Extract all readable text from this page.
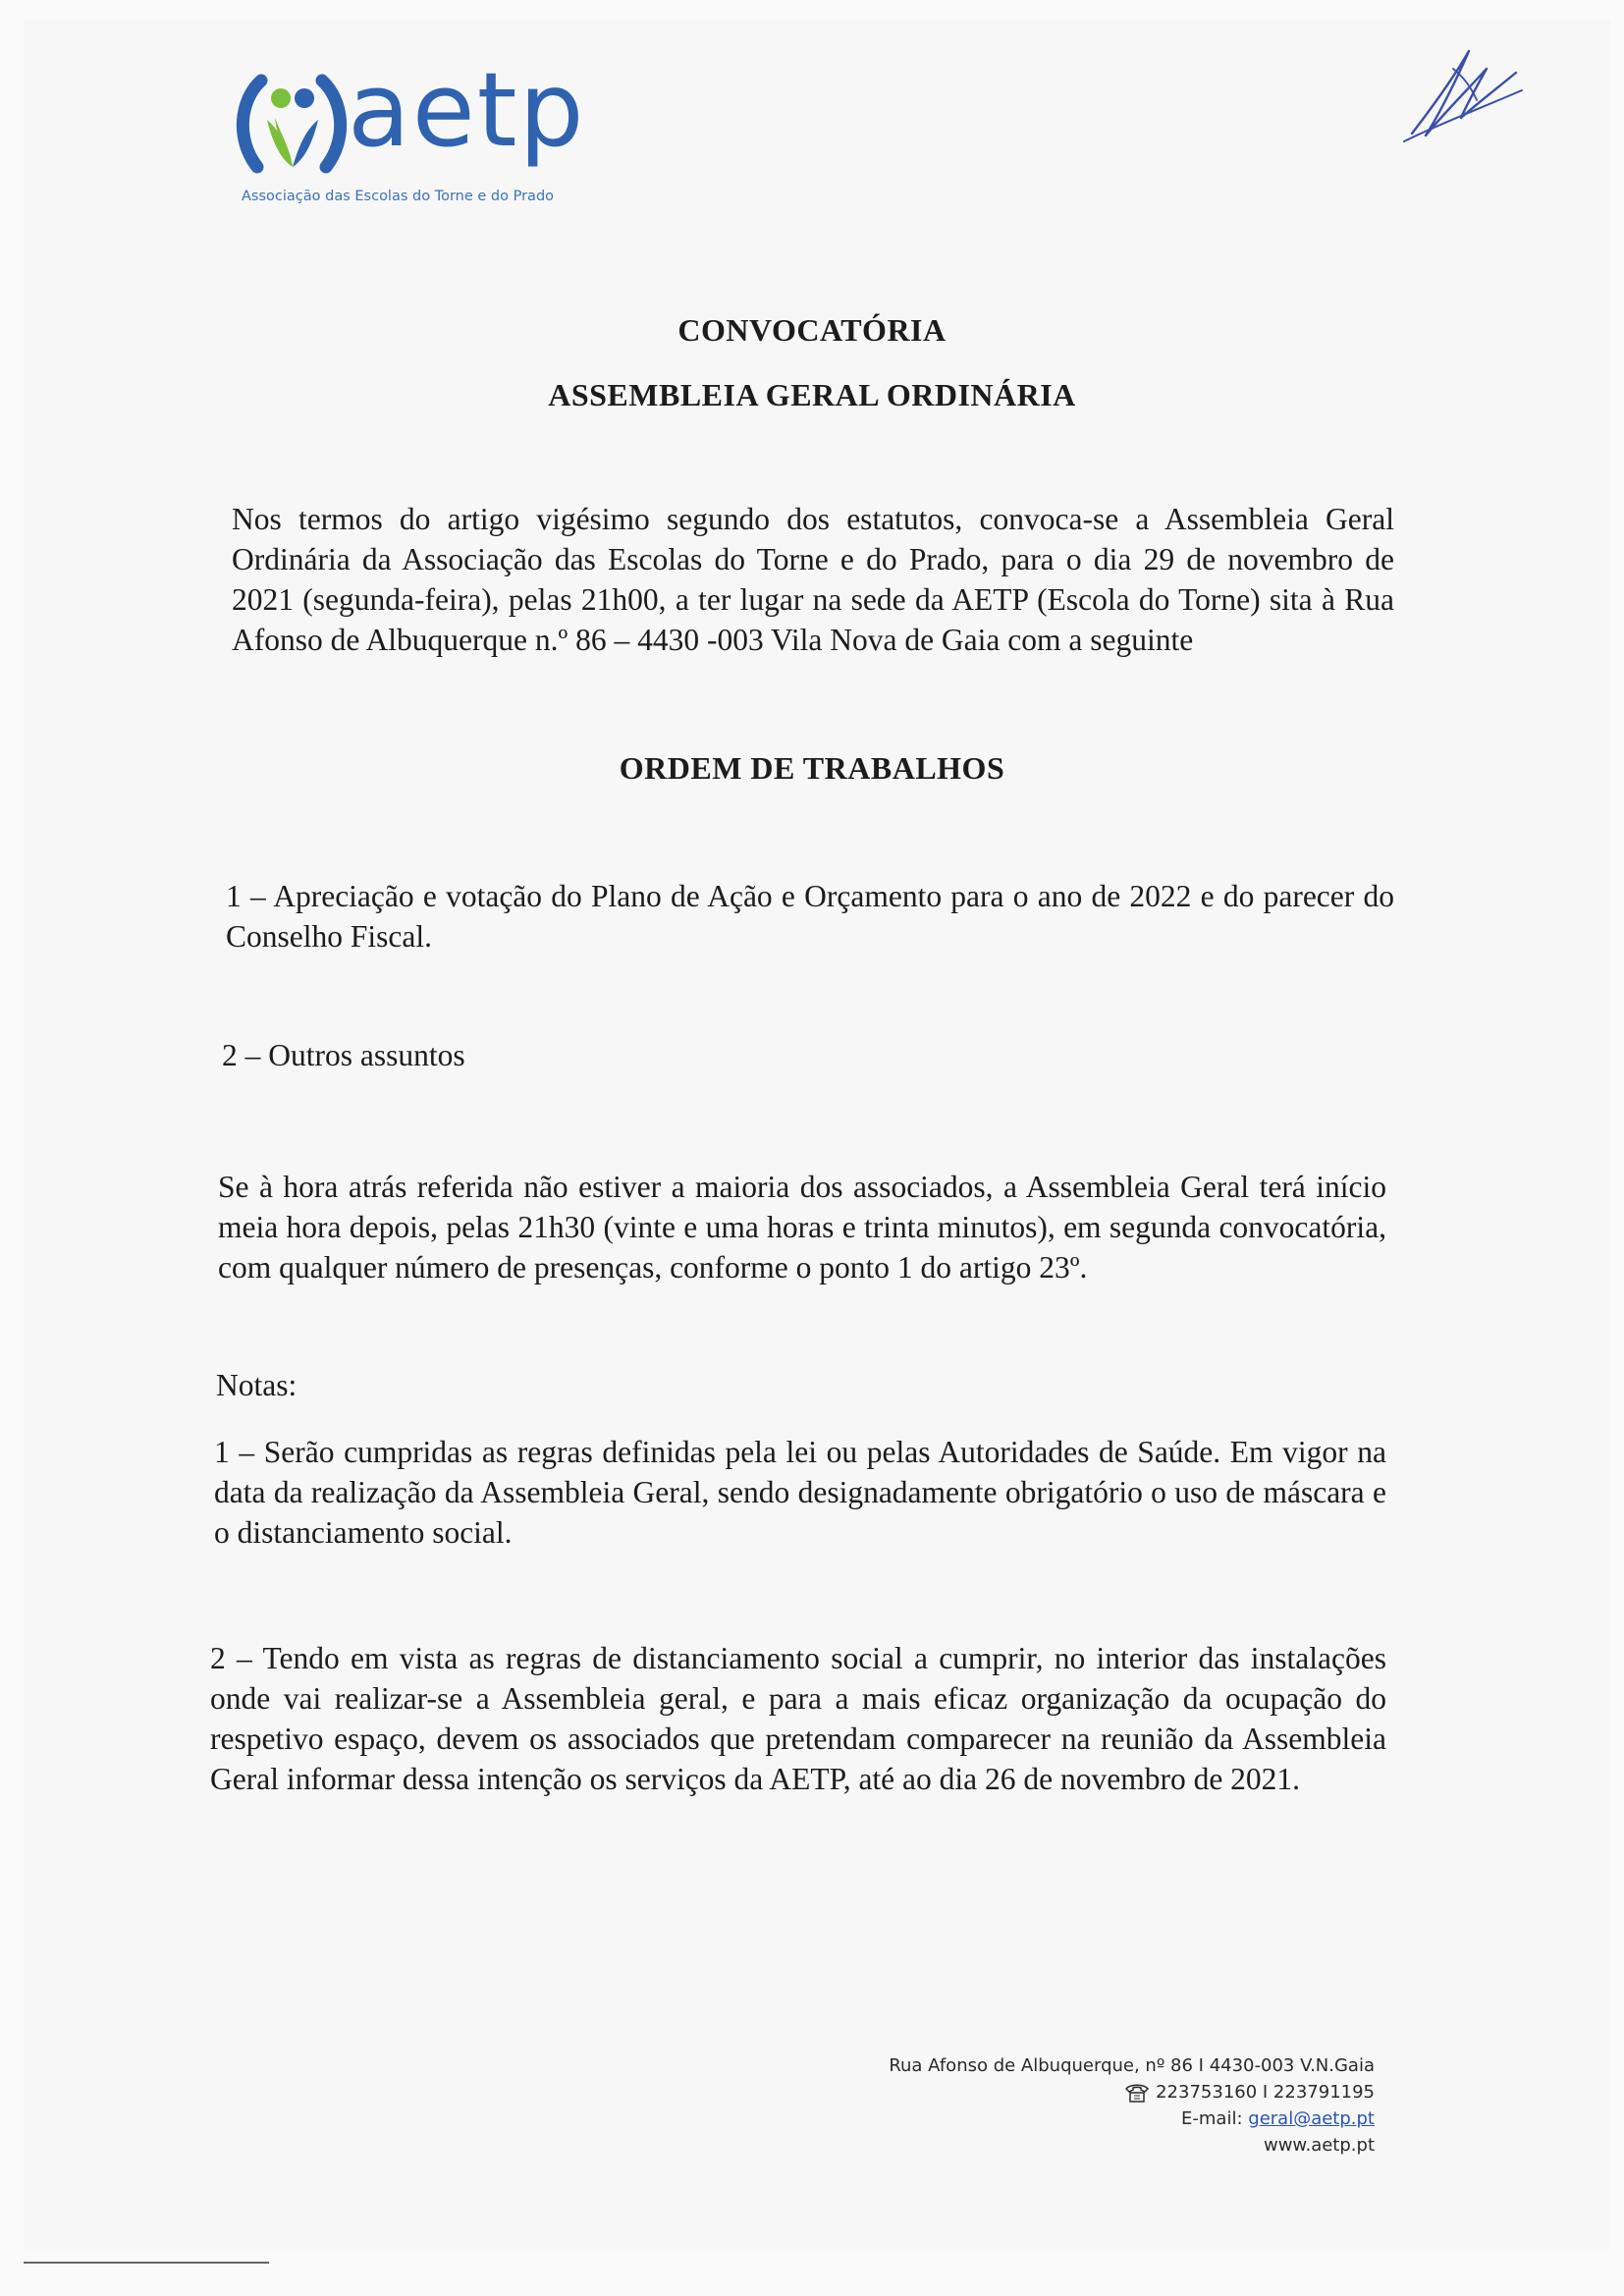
aetp
Associação das Escolas do Torne e do Prado
CONVOCATÓRIA
ASSEMBLEIA GERAL ORDINÁRIA
Nos termos do artigo vigésimo segundo dos estatutos, convoca-se a Assembleia Geral Ordinária da Associação das Escolas do Torne e do Prado, para o dia 29 de novembro de 2021 (segunda-feira), pelas 21h00, a ter lugar na sede da AETP (Escola do Torne) sita à Rua Afonso de Albuquerque n.º 86 – 4430 -003 Vila Nova de Gaia com a seguinte
ORDEM DE TRABALHOS
1 – Apreciação e votação do Plano de Ação e Orçamento para o ano de 2022 e do parecer do Conselho Fiscal.
2 – Outros assuntos
Se à hora atrás referida não estiver a maioria dos associados, a Assembleia Geral terá início meia hora depois, pelas 21h30 (vinte e uma horas e trinta minutos), em segunda convocatória, com qualquer número de presenças, conforme o ponto 1 do artigo 23º.
Notas:
1 – Serão cumpridas as regras definidas pela lei ou pelas Autoridades de Saúde. Em vigor na data da realização da Assembleia Geral, sendo designadamente obrigatório o uso de máscara e o distanciamento social.
2 – Tendo em vista as regras de distanciamento social a cumprir, no interior das instalações onde vai realizar-se a Assembleia geral, e para a mais eficaz organização da ocupação do respetivo espaço, devem os associados que pretendam comparecer na reunião da Assembleia Geral informar dessa intenção os serviços da AETP, até ao dia 26 de novembro de 2021.
Rua Afonso de Albuquerque, nº 86 I 4430-003 V.N.Gaia
223753160 I 223791195
E-mail: geral@aetp.pt
www.aetp.pt
